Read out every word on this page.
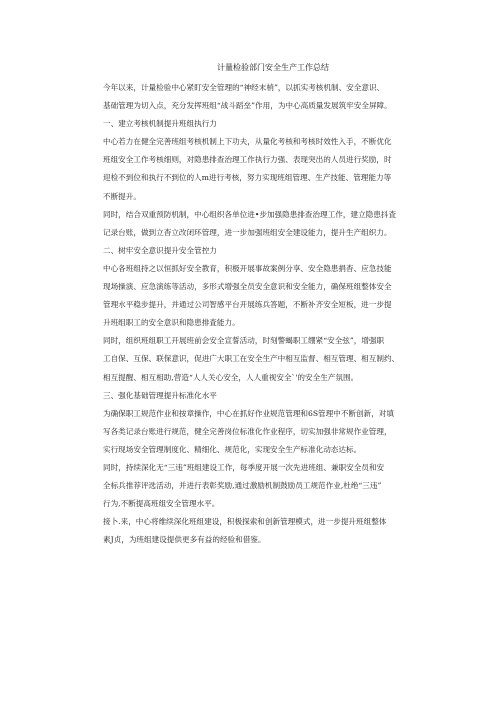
计量检验部门安全生产工作总结
今年以来，计量检验中心紧盯安全管理的“神经末梢”，以抓实考核机制、安全意识、
基础管理为切入点，充分发挥班组“战斗蹈垒”作用，为中心高质量发展筑牢安全屏障。
一、建立考核机制提升班组执行力
中心若力在健全完善班组考核机制上下功夫，从量化考核和考核时效性入手，不断优化
班组安全工作考核细则，对隐患排查治理工作执行力强、表现突出的人员进行奖励，时
迎检不到位和执行不到位的人m进行考核，努力实现班组管理、生产技能、管理能力等
不断提升。
同时，结合双重预防机制，中心组织各单位进•步加强隐患排查治理工作，建立隐患抖査
记录台账，做到立杳立改闭环管理，进一步加强班组安全建设能力，提升生产组织力。
二、树牢安全意识提升安全管控力
中心各班组持之以恒抓好安全教育，积极开展事故案例分享、安全隐患捐杳、应急技能
现场操演、应急演练等活动，多形式增强全员安全意识和安全能力，确保班组整体安全
管理水平稳步提升，并通过公司智感平台开展练兵答题，不断补齐安全短板，进一步提
升班组职工的安全意识和隐患排査能力。
同时，组织班组职工开展班前会安全宣誓活动，时刻警蝎职工绷紧“安全弦”，增强职
工自保、互保、联保意识，促进广大职工在安全生产中相互监督、相互管理、相互制约、
相互提醒、相互相助,营造“人人关心安全，人人重视安全`'的安全生产氛围。
三、强化基础管理提升标准化水平
为确保职工规范作业和按章操作，中心在抓好作业规范管理和6S管理中不断创新，对填
写各类记录台账进行规范，健全完善岗位标准化作业程序，切实加强非常规作业管理，
实行现场安全管理制度化、精细化、规范化，实现安全生产标准化动态达标。
同时，持续深化无“三违”班组建设工作，每季度开展一次先进班组、兼职安全员和安
全标兵推荐评选活动，并进行表彰奖励,通过激励机制鼓励员工规范作业,杜绝“三违”
行为,不断提高班组安全管理水平。
接卜.来，中心将维续深化班组建设，积极探索和创新管理模式，进一步提升班组整体
素J贞，为班组建设提供更多有益的经验和借鉴。
